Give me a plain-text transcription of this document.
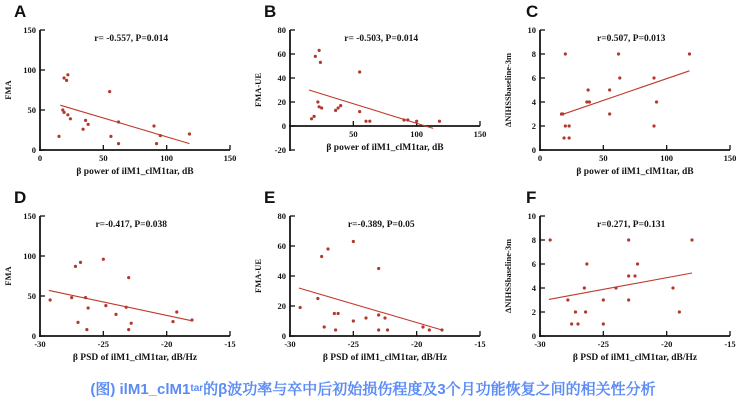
A
0
50
100
150
0	50	100	150
β power of ilM1_clM1tar, dB
FMA
r= -0.557, P=0.014
B
-20
0
20
40
60
80
50	100	150
β power of ilM1_clM1tar, dB
FMA-UE
r= -0.503, P=0.014
C
0
2
4
6
8
10
0	50	100	150
β power of ilM1_clM1tar, dB
ΔNIHSSbaseline-3m
r=0.507, P=0.013
D
0
50
100
150
-30	-25	-20	-15
β PSD of ilM1_clM1tar, dB/Hz
FMA
r=-0.417, P=0.038
E
0
20
40
60
80
-30	-25	-20	-15
β PSD of ilM1_clM1tar, dB/Hz
FMA-UE
r=-0.389, P=0.05
F
0
2
4
6
8
10
-30	-25	-20	-15
β PSD of ilM1_clM1tar, dB/Hz
ΔNIHSSbaseline-3m
r=0.271, P=0.131
(图) ilM1_clM1 tar 的β波功率与卒中后初始损伤程度及3个月功能恢复之间的相关性分析
